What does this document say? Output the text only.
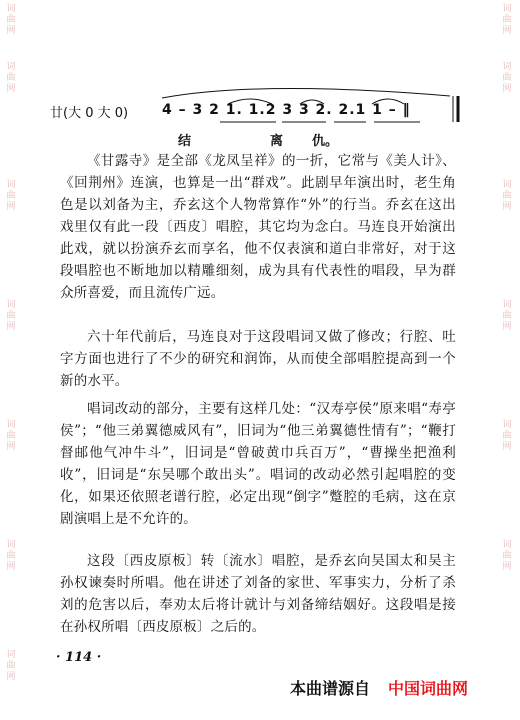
词
曲
网
词
曲
网
词
曲
网
词
曲
网
词
曲
网
词
曲
网
词
曲
网
词
曲
网
词
曲
网
词
曲
网
词
曲
网
词
曲
网
词
曲
网
廿(大 0 大 0) 4 – 3 2 1. 1.2 3 3 2. 2.1 1 – ‖
结	离 仇。

《甘露寺》是全部《龙凤呈祥》的一折，它常与《美人计》、《回荆州》连演，也算是一出“群戏”。此剧早年演出时，老生角色是以刘备为主，乔玄这个人物常算作“外”的行当。乔玄在这出戏里仅有此一段〔西皮〕唱腔，其它均为念白。马连良开始演出此戏，就以扮演乔玄而享名，他不仅表演和道白非常好，对于这段唱腔也不断地加以精雕细刻，成为具有代表性的唱段，早为群众所喜爱，而且流传广远。

六十年代前后，马连良对于这段唱词又做了修改；行腔、吐字方面也进行了不少的研究和润饰，从而使全部唱腔提高到一个新的水平。

唱词改动的部分，主要有这样几处：“汉寿亭侯”原来唱“寿亭侯”；“他三弟翼德威风有”，旧词为“他三弟翼德性情有”；“鞭打督邮他气冲牛斗”，旧词是“曾破黄巾兵百万”，“曹操坐把渔利收”，旧词是“东吴哪个敢出头”。唱词的改动必然引起唱腔的变化，如果还依照老谱行腔，必定出现“倒字”蹩腔的毛病，这在京剧演唱上是不允许的。

这段〔西皮原板〕转〔流水〕唱腔，是乔玄向吴国太和吴主孙权谏奏时所唱。他在讲述了刘备的家世、军事实力，分析了杀刘的危害以后，奉劝太后将计就计与刘备缔结姻好。这段唱是接在孙权所唱〔西皮原板〕之后的。

· 114 ·
本曲谱源自 中国词曲网
